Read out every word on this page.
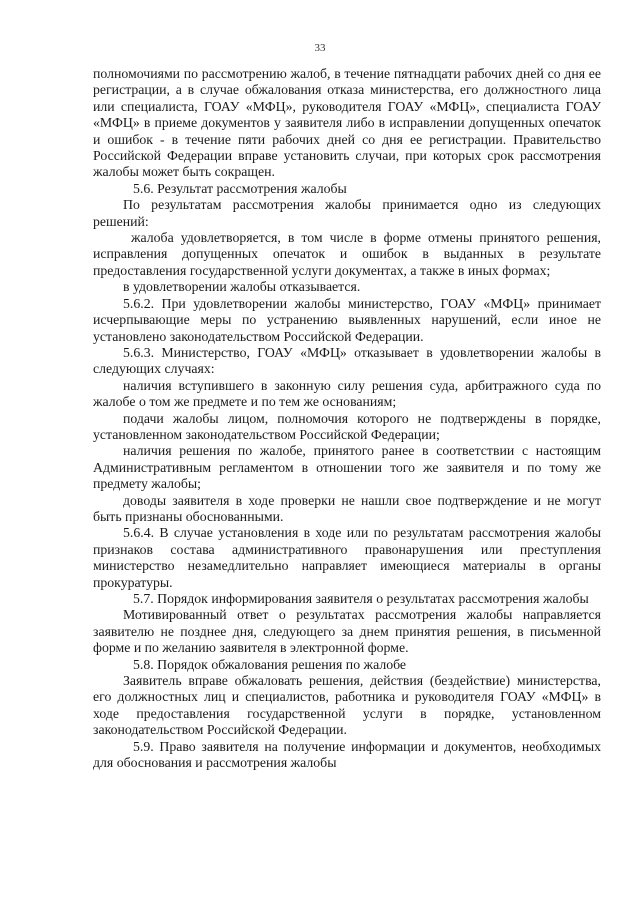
33

полномочиями по рассмотрению жалоб, в течение пятнадцати рабочих дней со дня ее регистрации, а в случае обжалования отказа министерства, его должностного лица или специалиста, ГОАУ «МФЦ», руководителя ГОАУ «МФЦ», специалиста ГОАУ «МФЦ» в приеме документов у заявителя либо в исправлении допущенных опечаток и ошибок - в течение пяти рабочих дней со дня ее регистрации. Правительство Российской Федерации вправе установить случаи, при которых срок рассмотрения жалобы может быть сокращен.

5.6. Результат рассмотрения жалобы

По результатам рассмотрения жалобы принимается одно из следующих решений:

жалоба удовлетворяется, в том числе в форме отмены принятого решения, исправления допущенных опечаток и ошибок в выданных в результате предоставления государственной услуги документах, а также в иных формах;

в удовлетворении жалобы отказывается.

5.6.2. При удовлетворении жалобы министерство, ГОАУ «МФЦ» принимает исчерпывающие меры по устранению выявленных нарушений, если иное не установлено законодательством Российской Федерации.

5.6.3. Министерство, ГОАУ «МФЦ» отказывает в удовлетворении жалобы в следующих случаях:

наличия вступившего в законную силу решения суда, арбитражного суда по жалобе о том же предмете и по тем же основаниям;

подачи жалобы лицом, полномочия которого не подтверждены в порядке, установленном законодательством Российской Федерации;

наличия решения по жалобе, принятого ранее в соответствии с настоящим Административным регламентом в отношении того же заявителя и по тому же предмету жалобы;

доводы заявителя в ходе проверки не нашли свое подтверждение и не могут быть признаны обоснованными.

5.6.4. В случае установления в ходе или по результатам рассмотрения жалобы признаков состава административного правонарушения или преступления министерство незамедлительно направляет имеющиеся материалы в органы прокуратуры.

5.7. Порядок информирования заявителя о результатах рассмотрения жалобы

Мотивированный ответ о результатах рассмотрения жалобы направляется заявителю не позднее дня, следующего за днем принятия решения, в письменной форме и по желанию заявителя в электронной форме.

5.8. Порядок обжалования решения по жалобе

Заявитель вправе обжаловать решения, действия (бездействие) министерства, его должностных лиц и специалистов, работника и руководителя ГОАУ «МФЦ» в ходе предоставления государственной услуги в порядке, установленном законодательством Российской Федерации.

5.9. Право заявителя на получение информации и документов, необходимых для обоснования и рассмотрения жалобы
